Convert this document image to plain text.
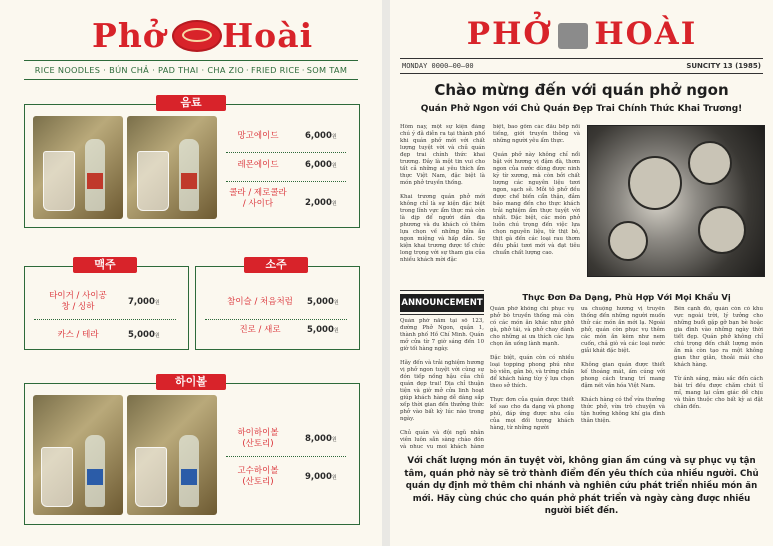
Phở Hoài
RICE NOODLES · BÚN CHẢ · PAD THAI · CHA ZIO · FRIED RICE · SOM TAM
음료
망고에이드	6,000원
레몬에이드	6,000원
콜라 / 제로콜라
/ 사이다	2,000원
맥주
타이거 / 사이공
창 / 싱하	7,000원
카스 / 테라	5,000원
소주
참이슬 / 처음처럼	5,000원
진로 / 새로	5,000원
하이볼
하이하이볼
(산토리)	8,000원
고수하이볼
(산토리)	9,000원
PHỞ HOÀI
MONDAY 0000—00—00	SUNCITY 13 (1985)
Chào mừng đến với quán phở ngon
Quán Phở Ngon với Chủ Quán Đẹp Trai Chính Thức Khai Trương!
Hôm nay, một sự kiện đáng chú ý đã diễn ra tại thành phố khi quán phở mới với chất lượng tuyệt vời và chủ quán đẹp trai chính thức khai trương. Đây là một tin vui cho tất cả những ai yêu thích ẩm thực Việt Nam, đặc biệt là món phở truyền thống.

Khai trương quán phở mới không chỉ là sự kiện đặc biệt trong lĩnh vực ẩm thực mà còn là dịp để người dân địa phương và du khách có thêm lựa chọn về những bữa ăn ngon miệng và hấp dẫn. Sự kiện khai trương được tổ chức long trọng với sự tham gia của nhiều khách mời đặc
biệt, bao gồm các đầu bếp nổi tiếng, giới truyền thông và những người yêu ẩm thực.

Quán phở này không chỉ nổi bật với hương vị đậm đà, thơm ngon của nước dùng được ninh kỹ từ xương, mà còn bởi chất lượng các nguyên liệu tươi ngon, sạch sẽ. Mỗi tô phở đều được chế biến cẩn thận, đảm bảo mang đến cho thực khách trải nghiệm ẩm thực tuyệt vời nhất. Đặc biệt, các món phở luôn chú trọng đến việc lựa chọn nguyên liệu, từ thịt bò, thịt gà đến các loại rau thơm đều phải tươi mới và đạt tiêu chuẩn chất lượng cao.
ANNOUNCEMENT
Thực Đơn Đa Dạng, Phù Hợp Với Mọi Khẩu Vị
Quán phở nằm tại số 123, đường Phở Ngon, quận 1, thành phố Hồ Chí Minh. Quán mở cửa từ 7 giờ sáng đến 10 giờ tối hàng ngày.

Hãy đến và trải nghiệm hương vị phở ngon tuyệt với cùng sự đón tiếp nồng hậu của chủ quán đẹp trai! Địa chỉ thuận tiện và giờ mở cửa linh hoạt giúp khách hàng dễ dàng sắp xếp thời gian đến thưởng thức phở vào bất kỳ lúc nào trong ngày.

Chủ quán và đội ngũ nhân viên luôn sẵn sàng chào đón và phục vụ mọi khách hàng
Quán phở không chỉ phục vụ phở bò truyền thống mà còn có các món ăn khác như phở gà, phở tái, và phở chay dành cho những ai ưa thích các lựa chọn ăn uống lành mạnh.

Đặc biệt, quán còn có nhiều loại topping phong phú như bò viên, gân bò, và trứng chần để khách hàng tùy ý lựa chọn theo sở thích.

Thực đơn của quán được thiết kế sao cho đa dạng và phong phú, đáp ứng được nhu cầu của mọi đối tượng khách hàng, từ những người
ưa chuộng hương vị truyền thống đến những người muốn thử các món ăn mới lạ. Ngoài phở, quán còn phục vụ thêm các món ăn kèm như nem cuốn, chả giò và các loại nước giải khát đặc biệt.

Không gian quán được thiết kế thoáng mát, ấm cúng với phong cách trang trí mang đậm nét văn hóa Việt Nam.

Khách hàng có thể vừa thưởng thức phở, vừa trò chuyện và tận hưởng không khí gia đình thân thiện.
Bên cạnh đó, quán còn có khu vực ngoài trời, lý tưởng cho những buổi gặp gỡ bạn bè hoặc gia đình vào những ngày thời tiết đẹp. Quán phở không chỉ chú trọng đến chất lượng món ăn mà còn tạo ra một không gian thư giãn, thoải mái cho khách hàng.

Từ ánh sáng, màu sắc đến cách bài trí đều được chăm chút tỉ mỉ, mang lại cảm giác dễ chịu và thân thuộc cho bất kỳ ai đặt chân đến.
Với chất lượng món ăn tuyệt vời, không gian ấm cúng và sự phục vụ tận tâm, quán phở này sẽ trở thành điểm đến yêu thích của nhiều người. Chủ quán dự định mở thêm chi nhánh và nghiên cứu phát triển nhiều món ăn mới. Hãy cùng chúc cho quán phở phát triển và ngày càng được nhiều người biết đến.
